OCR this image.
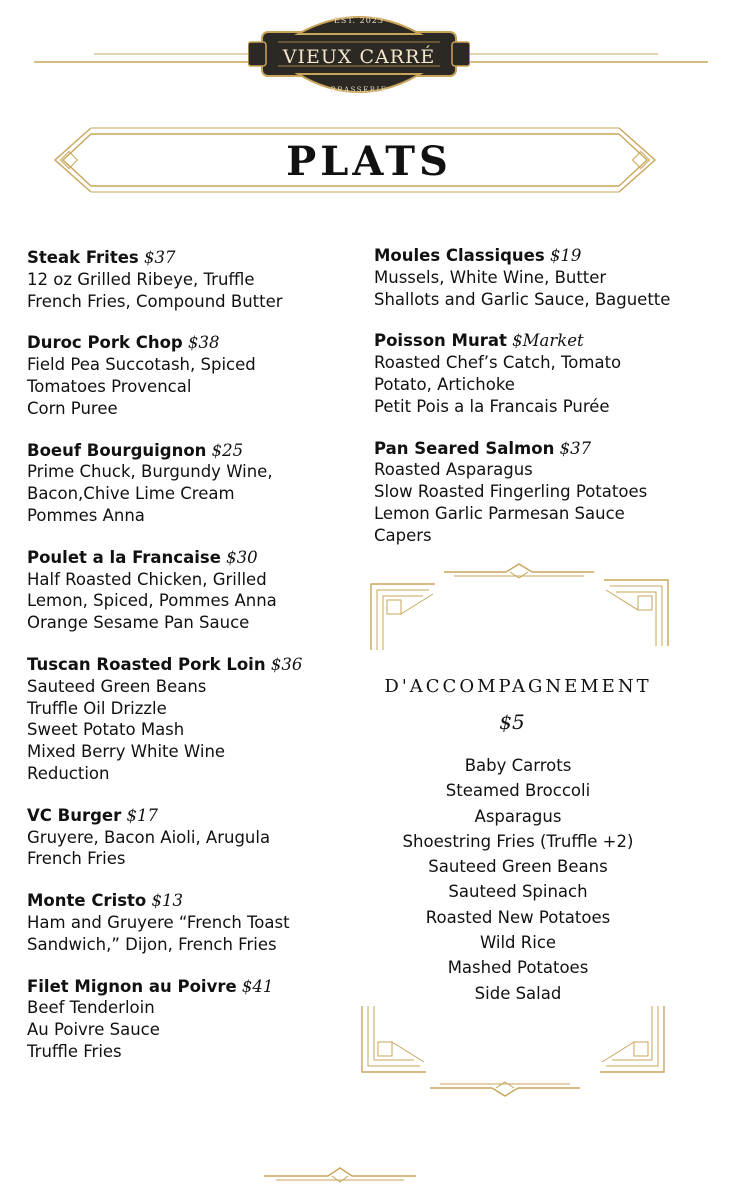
EST. 2023
VIEUX CARRÉ
BRASSERIE
PLATS
Steak Frites $37
12 oz Grilled Ribeye, Truffle
French Fries, Compound Butter
Duroc Pork Chop $38
Field Pea Succotash, Spiced
Tomatoes Provencal
Corn Puree
Boeuf Bourguignon $25
Prime Chuck, Burgundy Wine,
Bacon,Chive Lime Cream
Pommes Anna
Poulet a la Francaise $30
Half Roasted Chicken, Grilled
Lemon, Spiced, Pommes Anna
Orange Sesame Pan Sauce
Tuscan Roasted Pork Loin $36
Sauteed Green Beans
Truffle Oil Drizzle
Sweet Potato Mash
Mixed Berry White Wine
Reduction
VC Burger $17
Gruyere, Bacon Aioli, Arugula
French Fries
Monte Cristo $13
Ham and Gruyere “French Toast
Sandwich,” Dijon, French Fries
Filet Mignon au Poivre $41
Beef Tenderloin
Au Poivre Sauce
Truffle Fries
Moules Classiques $19
Mussels, White Wine, Butter
Shallots and Garlic Sauce, Baguette
Poisson Murat $Market
Roasted Chef’s Catch, Tomato
Potato, Artichoke
Petit Pois a la Francais Purée
Pan Seared Salmon $37
Roasted Asparagus
Slow Roasted Fingerling Potatoes
Lemon Garlic Parmesan Sauce
Capers
D'ACCOMPAGNEMENT
$5
Baby Carrots
Steamed Broccoli
Asparagus
Shoestring Fries (Truffle +2)
Sauteed Green Beans
Sauteed Spinach
Roasted New Potatoes
Wild Rice
Mashed Potatoes
Side Salad
